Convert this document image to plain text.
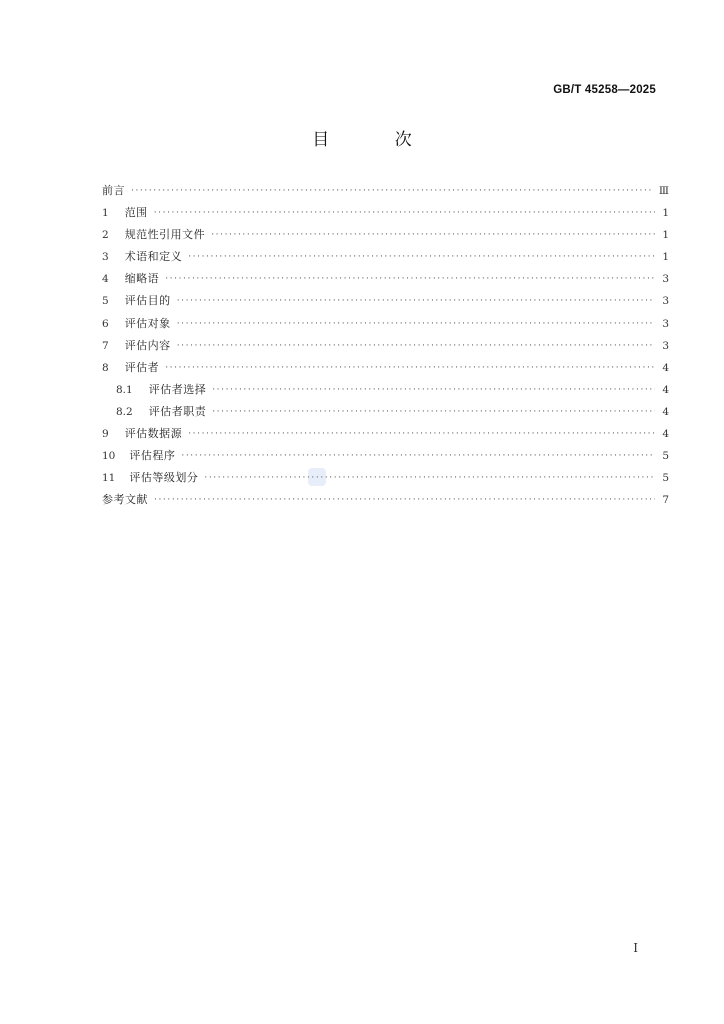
GB/T 45258—2025
目 次
前言 ·····	Ⅲ
1 范围 ·····	1
2 规范性引用文件 ·····	1
3 术语和定义 ·····	1
4 缩略语 ·····	3
5 评估目的 ·····	3
6 评估对象 ·····	3
7 评估内容 ·····	3
8 评估者 ·····	4
8.1 评估者选择 ·····	4
8.2 评估者职责 ·····	4
9 评估数据源 ·····	4
10 评估程序 ·····	5
11 评估等级划分 ·····	5
参考文献 ·····	7
I
